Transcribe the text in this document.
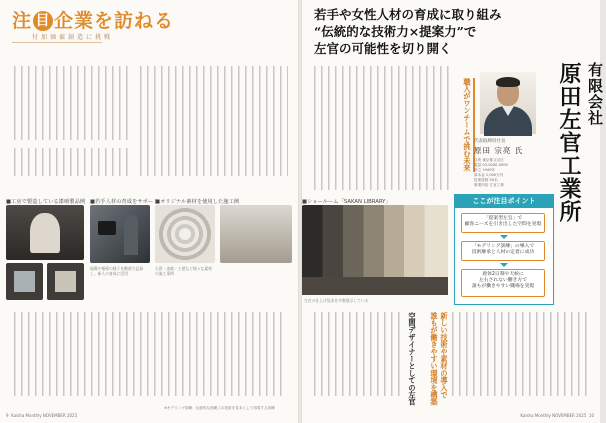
注 目 企業を訪ねる
付加価値創造に挑戦
■工房で製造している漆喰製品例 ■若手人材の育成をサポート
現場や指導の様子を動画で記録し、新人の育成に活用
■オリジナル素材を使用した施工例
石膏・漆喰・土壁など様々な素材の施工事例
9 Kaisha Monthly NOVEMBER 2025
※モデリング訓練：伝統的な熟練工の技術を見本として再現する訓練
若手や女性人材の育成に取り組み
“伝統的な技術力×提案力”で
左官の可能性を切り開く
職人がワンチームで挑む未来
■ショールーム「SAKAN LIBRARY」
左官の仕上げ見本を多数展示している
有限会社
原田左官工業所
代表取締役社長
原田 宗亮 氏
住所 東京都文京区
電話 03-0000-0000
設立 1949年
資本金 1,000万円
従業員数 50名
事業内容 左官工事
ここが注目ポイント
「提案型左官」で
顧客ニーズを引き出した空間を実現
「モデリング訓練」の導入で
技術継承と人材の定着に成功
週休2日制や天候に
左右されない働き方で
誰もが働きやすい職場を実現
新しい技術や素材の導入で
誰もが働きやすい環境を構築
空間デザイナーとしての左官
Kaisha Monthly NOVEMBER 2025 10
